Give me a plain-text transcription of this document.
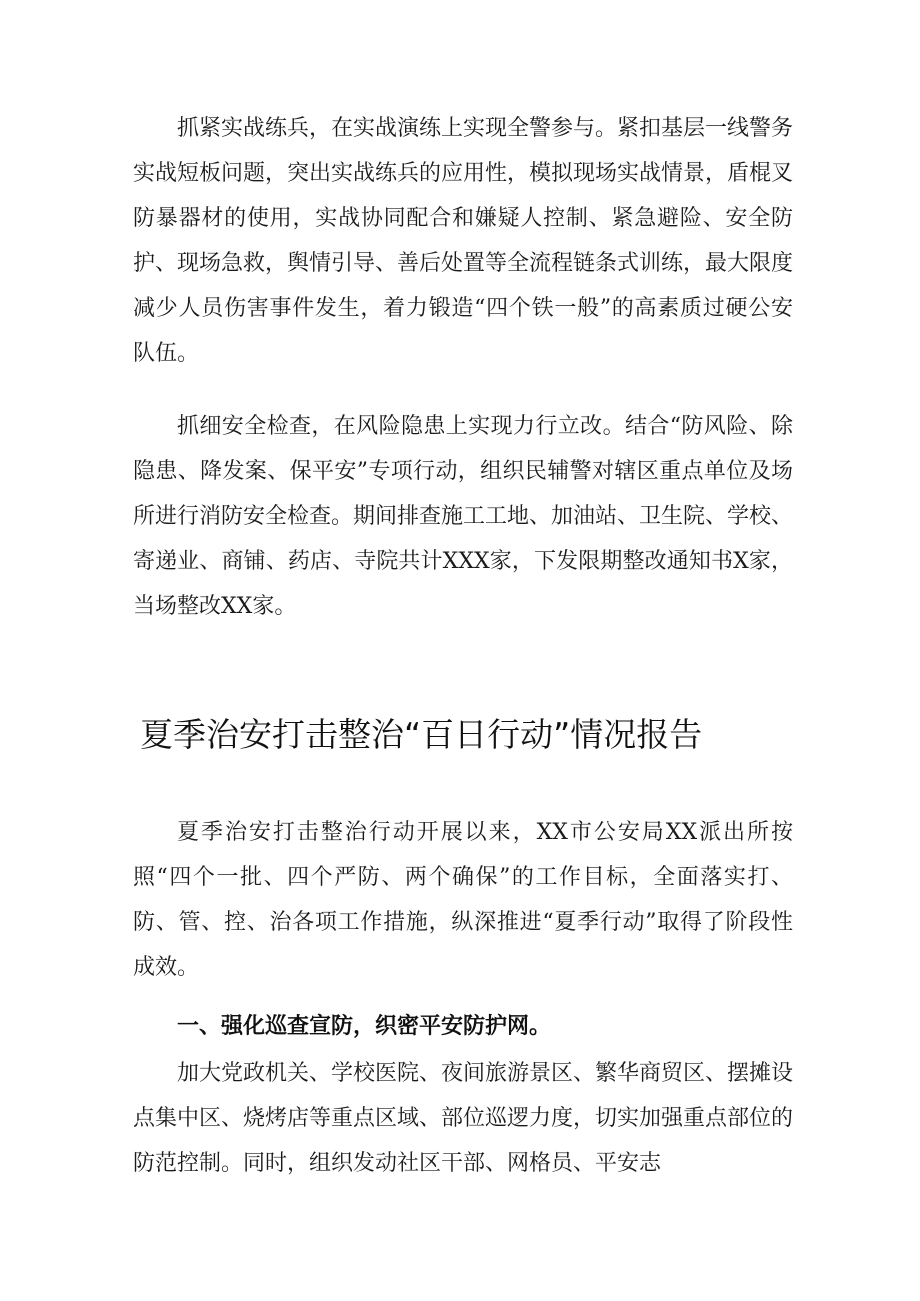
抓紧实战练兵，在实战演练上实现全警参与。紧扣基层一线警务实战短板问题，突出实战练兵的应用性，模拟现场实战情景，盾棍叉防暴器材的使用，实战协同配合和嫌疑人控制、紧急避险、安全防护、现场急救，舆情引导、善后处置等全流程链条式训练，最大限度减少人员伤害事件发生，着力锻造“四个铁一般”的高素质过硬公安队伍。

抓细安全检查，在风险隐患上实现力行立改。结合“防风险、除隐患、降发案、保平安”专项行动，组织民辅警对辖区重点单位及场所进行消防安全检查。期间排查施工工地、加油站、卫生院、学校、寄递业、商铺、药店、寺院共计XXX家，下发限期整改通知书X家，当场整改XX家。

夏季治安打击整治“百日行动”情况报告

夏季治安打击整治行动开展以来，XX市公安局XX派出所按照“四个一批、四个严防、两个确保”的工作目标，全面落实打、防、管、控、治各项工作措施，纵深推进“夏季行动”取得了阶段性成效。

一、强化巡查宣防，织密平安防护网。

加大党政机关、学校医院、夜间旅游景区、繁华商贸区、摆摊设点集中区、烧烤店等重点区域、部位巡逻力度，切实加强重点部位的防范控制。同时，组织发动社区干部、网格员、平安志
